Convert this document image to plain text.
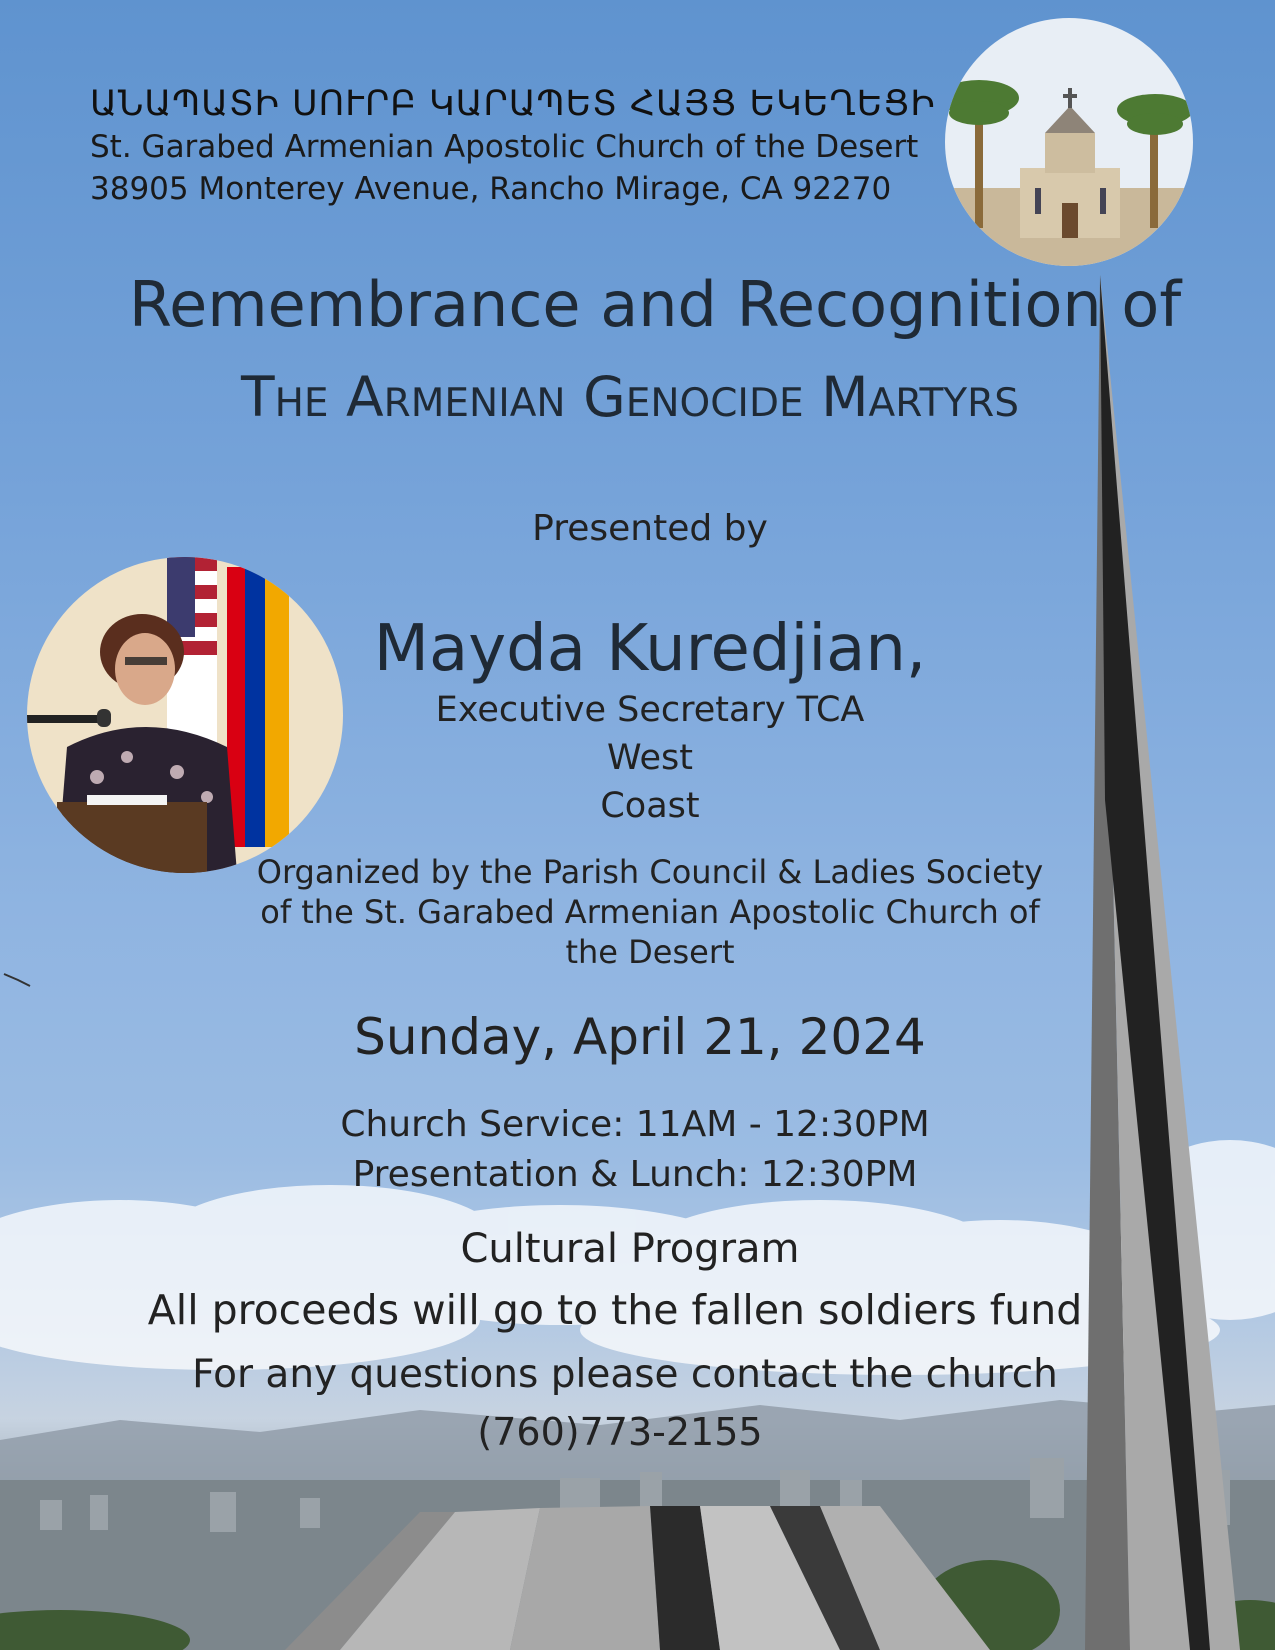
ԱՆԱՊԱՏԻ ՍՈՒՐԲ ԿԱՐԱՊԵՏ ՀԱՅՑ ԵԿԵՂԵՑԻ
St. Garabed Armenian Apostolic Church of the Desert
38905 Monterey Avenue, Rancho Mirage, CA 92270

Remembrance and Recognition of

The Armenian Genocide Martyrs

Presented by

Mayda Kuredjian,

Executive Secretary TCA West
Coast
Organized by the Parish Council & Ladies Society
of the St. Garabed Armenian Apostolic Church of
the Desert

Sunday, April 21, 2024

Church Service: 11AM - 12:30PM
Presentation & Lunch: 12:30PM

Cultural Program

All proceeds will go to the fallen soldiers fund

For any questions please contact the church

(760)773-2155
